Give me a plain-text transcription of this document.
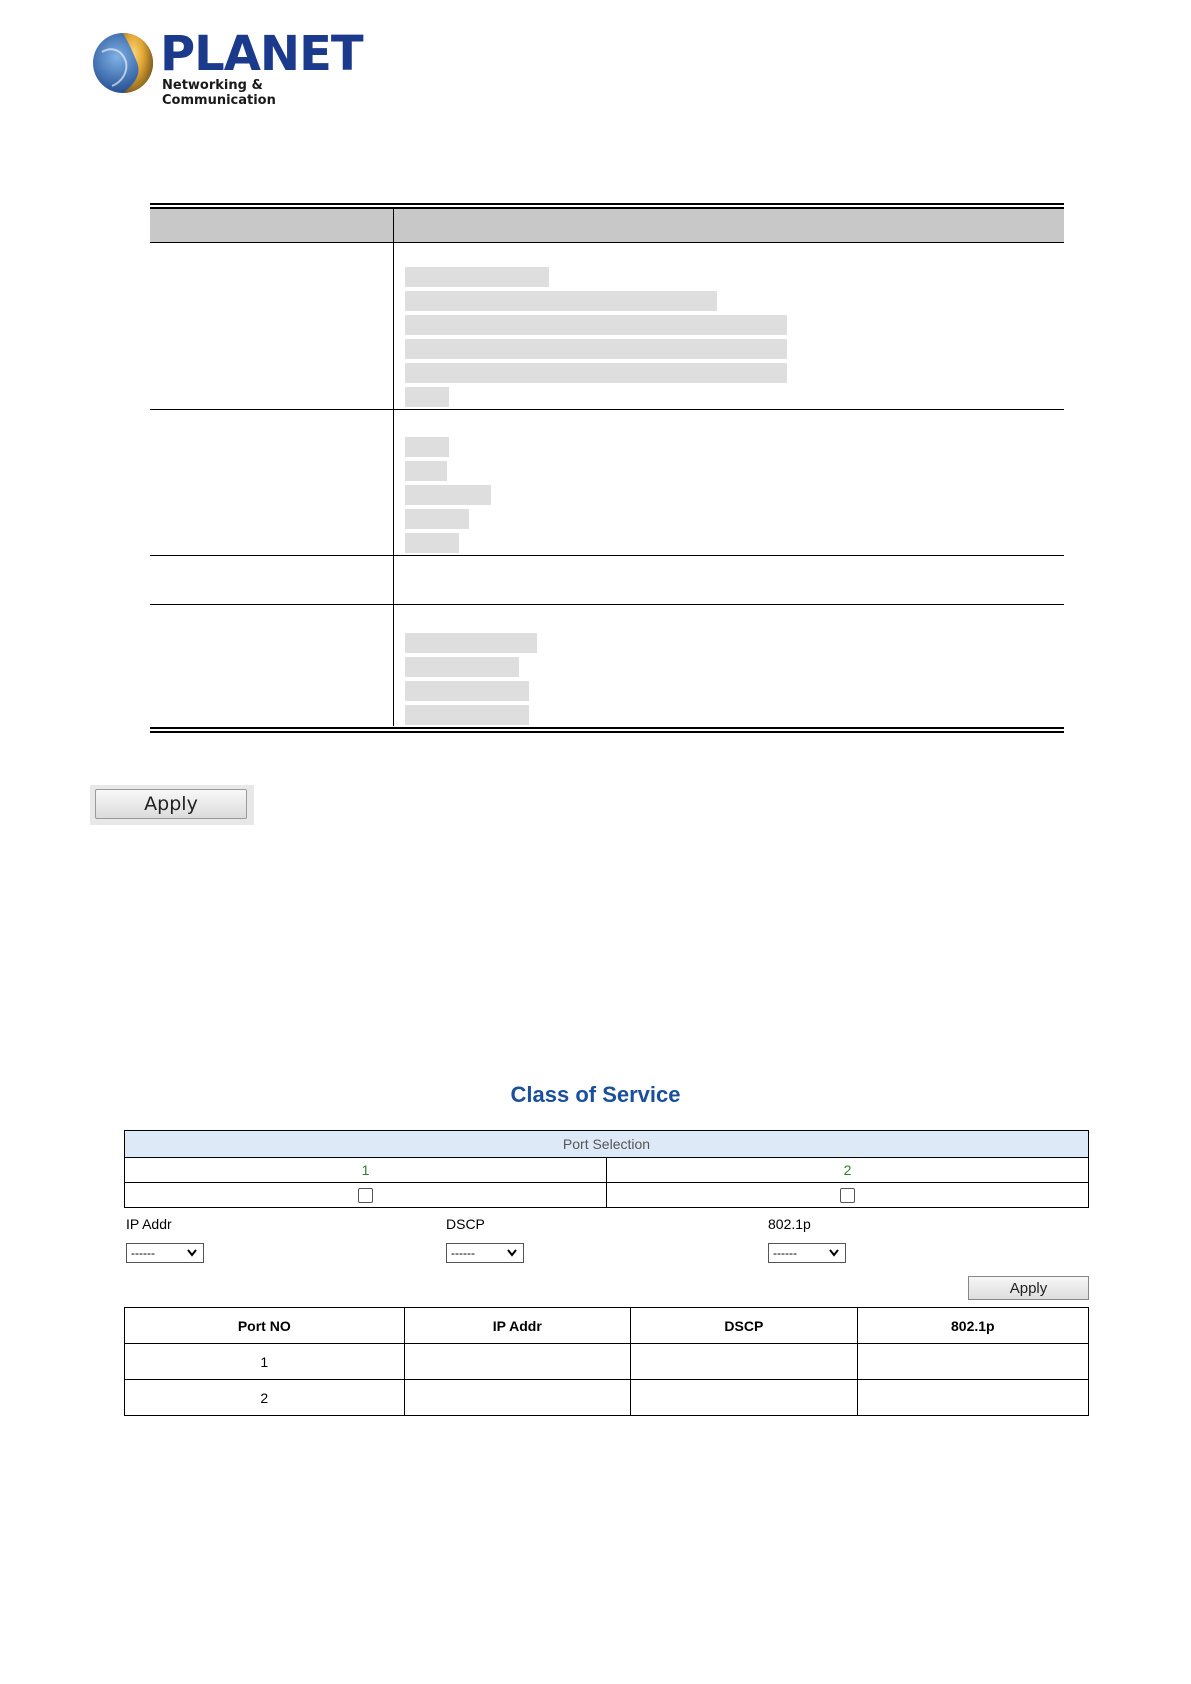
PLANET
Networking & Communication
Apply
Class of Service
Port Selection	
1	2

IP Addr
------
DSCP
------
802.1p
------
Apply
Port NO	IP Addr	DSCP	802.1p
1			
2			
